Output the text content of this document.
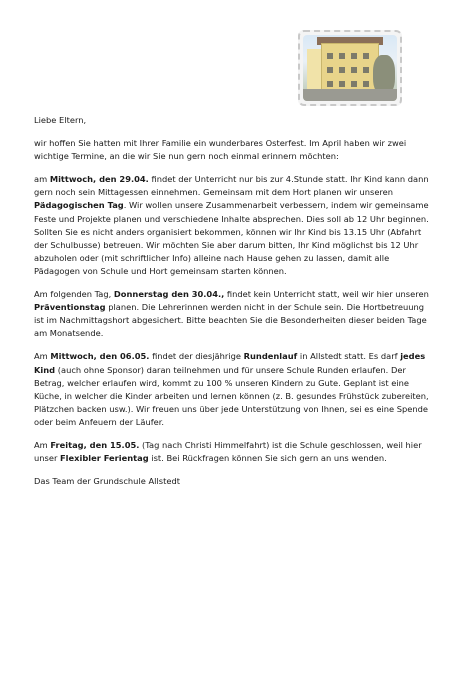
Liebe Eltern,

wir hoffen Sie hatten mit Ihrer Familie ein wunderbares Osterfest. Im April haben wir zwei wichtige Termine, an die wir Sie nun gern noch einmal erinnern möchten:

am Mittwoch, den 29.04. findet der Unterricht nur bis zur 4.Stunde statt. Ihr Kind kann dann gern noch sein Mittagessen einnehmen. Gemeinsam mit dem Hort planen wir unseren Pädagogischen Tag. Wir wollen unsere Zusammenarbeit verbessern, indem wir gemeinsame Feste und Projekte planen und verschiedene Inhalte absprechen. Dies soll ab 12 Uhr beginnen. Sollten Sie es nicht anders organisiert bekommen, können wir Ihr Kind bis 13.15 Uhr (Abfahrt der Schulbusse) betreuen. Wir möchten Sie aber darum bitten, Ihr Kind möglichst bis 12 Uhr abzuholen oder (mit schriftlicher Info) alleine nach Hause gehen zu lassen, damit alle Pädagogen von Schule und Hort gemeinsam starten können.

Am folgenden Tag, Donnerstag den 30.04., findet kein Unterricht statt, weil wir hier unseren Präventionstag planen. Die Lehrerinnen werden nicht in der Schule sein. Die Hortbetreuung ist im Nachmittagshort abgesichert. Bitte beachten Sie die Besonderheiten dieser beiden Tage am Monatsende.

Am Mittwoch, den 06.05. findet der diesjährige Rundenlauf in Allstedt statt. Es darf jedes Kind (auch ohne Sponsor) daran teilnehmen und für unsere Schule Runden erlaufen. Der Betrag, welcher erlaufen wird, kommt zu 100 % unseren Kindern zu Gute. Geplant ist eine Küche, in welcher die Kinder arbeiten und lernen können (z. B. gesundes Frühstück zubereiten, Plätzchen backen usw.). Wir freuen uns über jede Unterstützung von Ihnen, sei es eine Spende oder beim Anfeuern der Läufer.

Am Freitag, den 15.05. (Tag nach Christi Himmelfahrt) ist die Schule geschlossen, weil hier unser Flexibler Ferientag ist. Bei Rückfragen können Sie sich gern an uns wenden.

Das Team der Grundschule Allstedt
